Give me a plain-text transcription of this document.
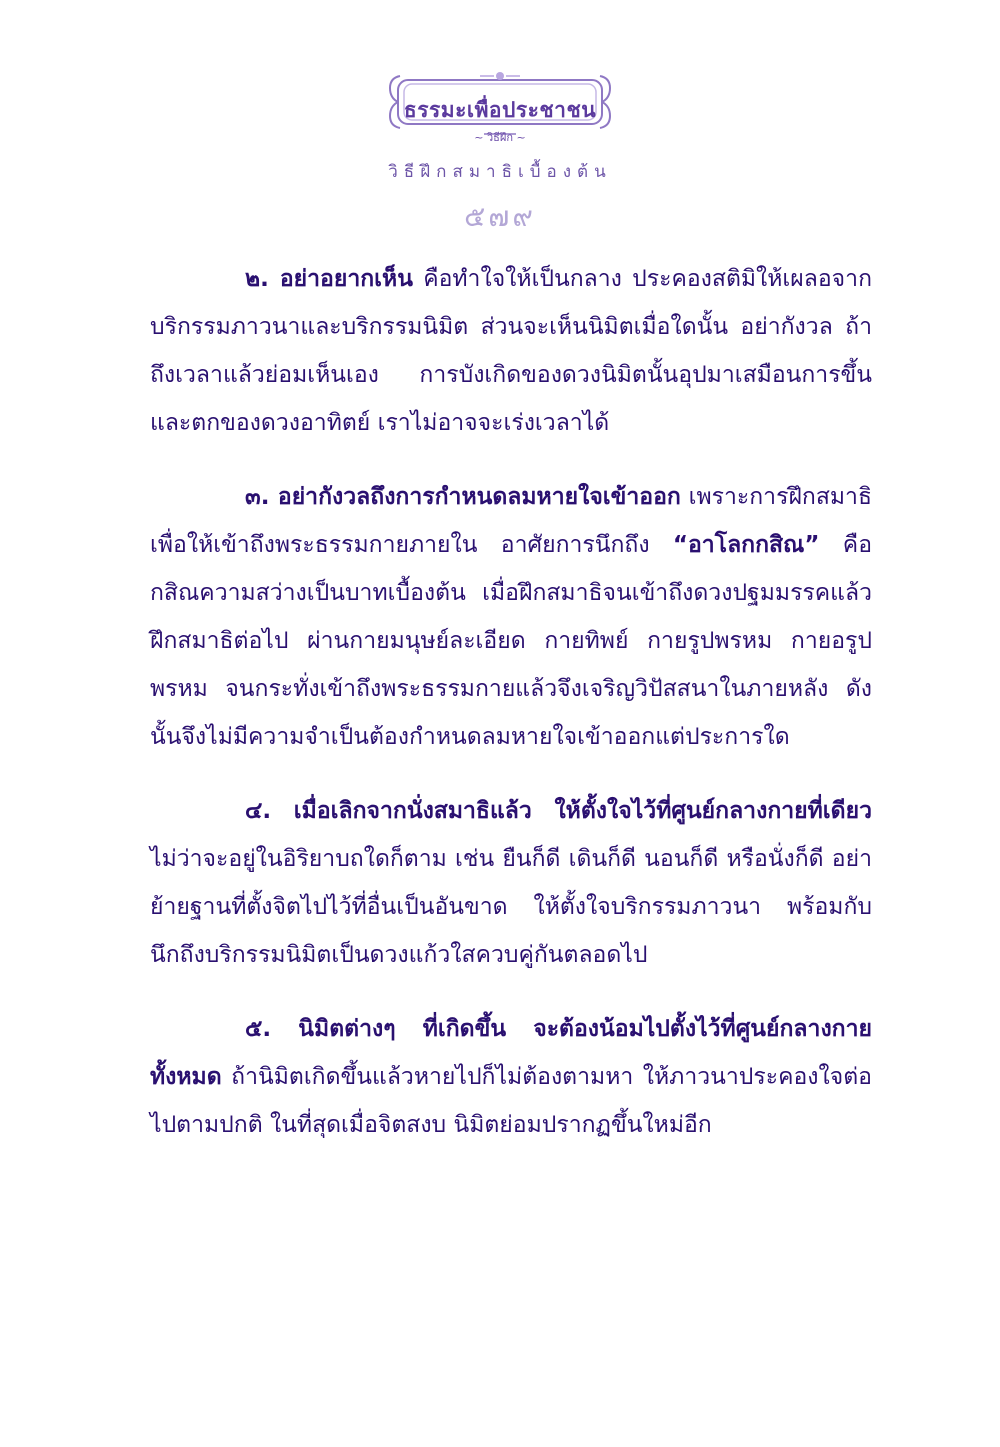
ธรรมะเพื่อประชาชน
~ วิธีฝึก ~
วิธีฝึกสมาธิเบื้องต้น
๕๗๙

๒. อย่าอยากเห็น คือทำใจให้เป็นกลาง ประคองสติมิให้เผลอจากบริกรรมภาวนาและบริกรรมนิมิต ส่วนจะเห็นนิมิตเมื่อใดนั้น อย่ากังวล ถ้าถึงเวลาแล้วย่อมเห็นเอง การบังเกิดของดวงนิมิตนั้นอุปมาเสมือนการขึ้นและตกของดวงอาทิตย์ เราไม่อาจจะเร่งเวลาได้

๓. อย่ากังวลถึงการกำหนดลมหายใจเข้าออก เพราะการฝึกสมาธิเพื่อให้เข้าถึงพระธรรมกายภายใน อาศัยการนึกถึง “อาโลกกสิณ” คือกสิณความสว่างเป็นบาทเบื้องต้น เมื่อฝึกสมาธิจนเข้าถึงดวงปฐมมรรคแล้ว ฝึกสมาธิต่อไป ผ่านกายมนุษย์ละเอียด กายทิพย์ กายรูปพรหม กายอรูปพรหม จนกระทั่งเข้าถึงพระธรรมกายแล้วจึงเจริญวิปัสสนาในภายหลัง ดังนั้นจึงไม่มีความจำเป็นต้องกำหนดลมหายใจเข้าออกแต่ประการใด

๔. เมื่อเลิกจากนั่งสมาธิแล้ว ให้ตั้งใจไว้ที่ศูนย์กลางกายที่เดียว ไม่ว่าจะอยู่ในอิริยาบถใดก็ตาม เช่น ยืนก็ดี เดินก็ดี นอนก็ดี หรือนั่งก็ดี อย่าย้ายฐานที่ตั้งจิตไปไว้ที่อื่นเป็นอันขาด ให้ตั้งใจบริกรรมภาวนา พร้อมกับนึกถึงบริกรรมนิมิตเป็นดวงแก้วใสควบคู่กันตลอดไป

๕. นิมิตต่างๆ ที่เกิดขึ้น จะต้องน้อมไปตั้งไว้ที่ศูนย์กลางกายทั้งหมด ถ้านิมิตเกิดขึ้นแล้วหายไปก็ไม่ต้องตามหา ให้ภาวนาประคองใจต่อไปตามปกติ ในที่สุดเมื่อจิตสงบ นิมิตย่อมปรากฏขึ้นใหม่อีก
